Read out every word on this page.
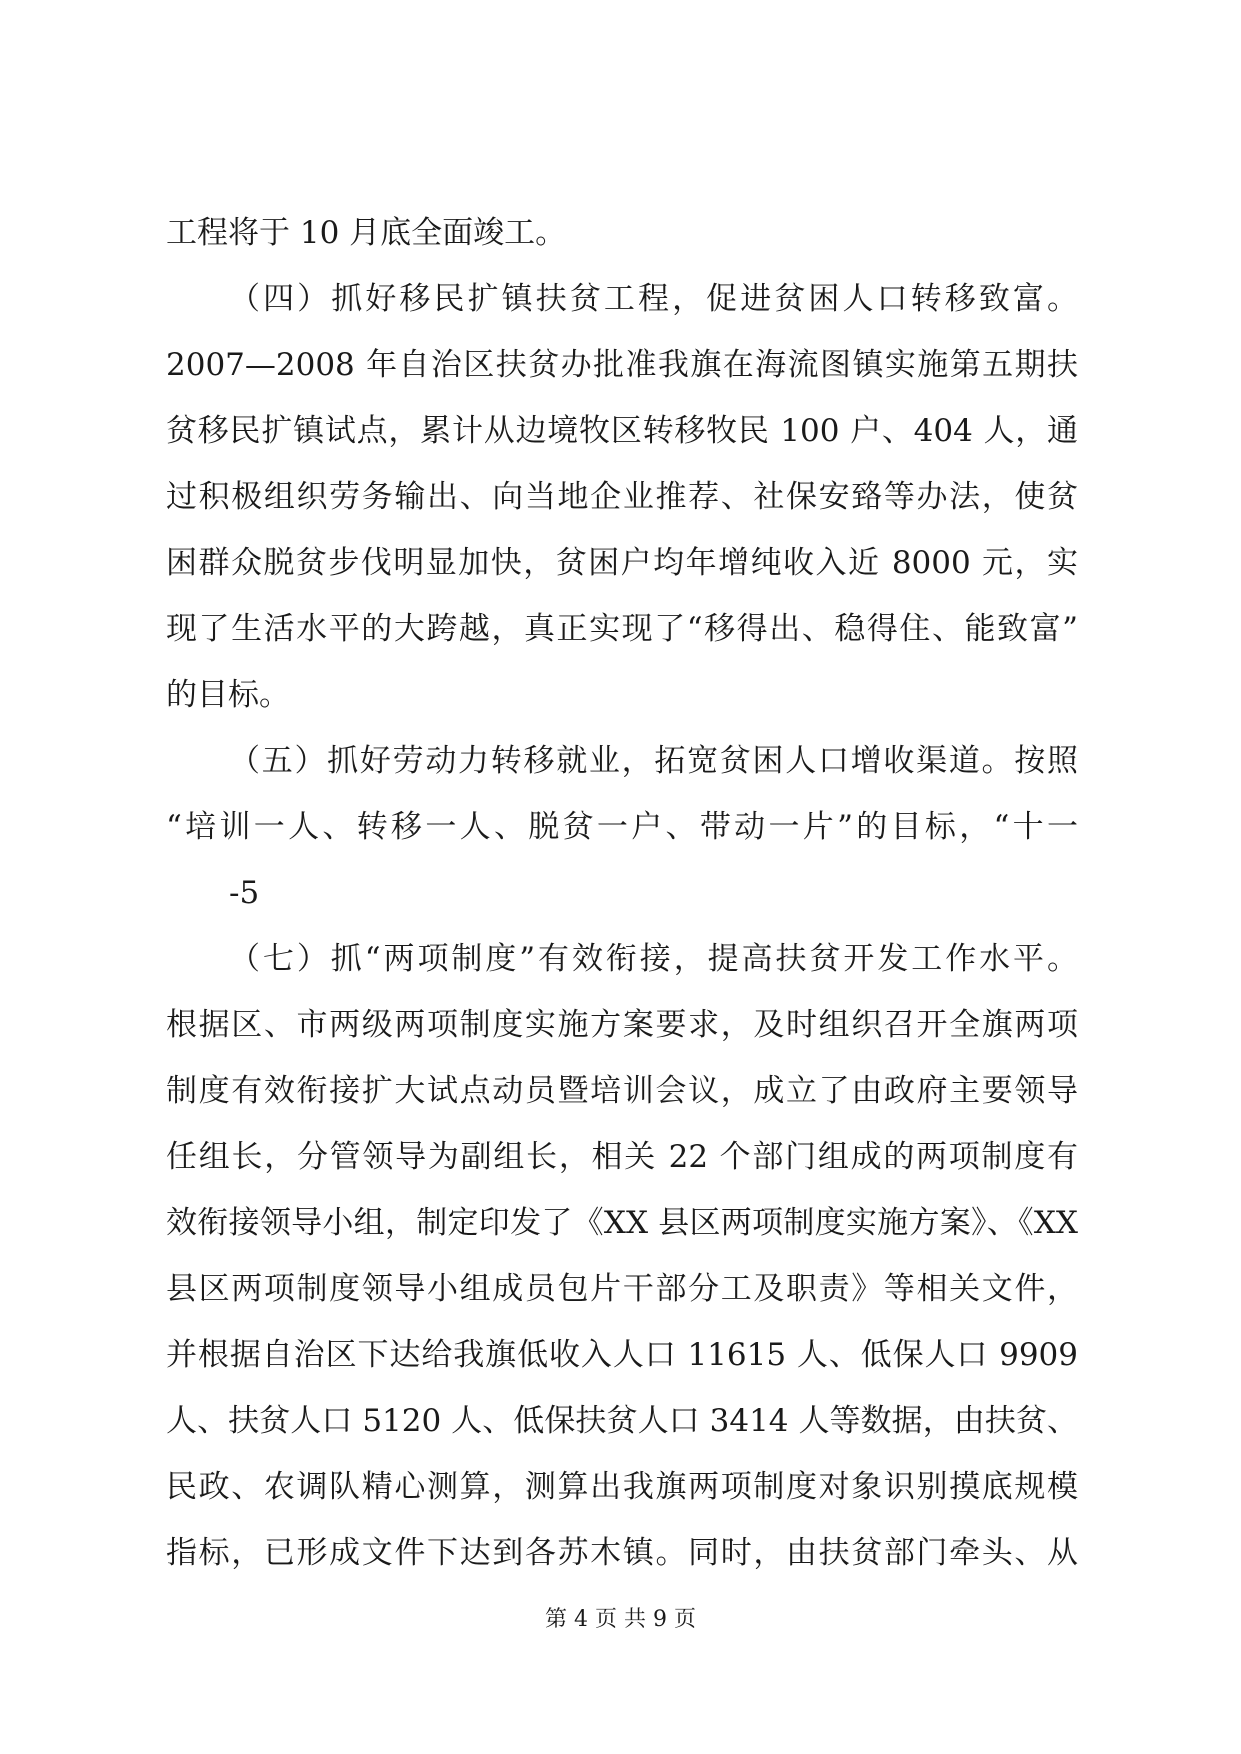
工程将于 10 月底全面竣工。
（四）抓好移民扩镇扶贫工程，促进贫困人口转移致富。
2007—2008 年自治区扶贫办批准我旗在海流图镇实施第五期扶
贫移民扩镇试点，累计从边境牧区转移牧民 100 户、404 人，通
过积极组织劳务输出、向当地企业推荐、社保安臵等办法，使贫
困群众脱贫步伐明显加快，贫困户均年增纯收入近 8000 元，实
现了生活水平的大跨越，真正实现了“移得出、稳得住、能致富”
的目标。
（五）抓好劳动力转移就业，拓宽贫困人口增收渠道。按照
“培训一人、转移一人、脱贫一户、带动一片”的目标，“十一
-5
（七）抓“两项制度”有效衔接，提高扶贫开发工作水平。
根据区、市两级两项制度实施方案要求，及时组织召开全旗两项
制度有效衔接扩大试点动员暨培训会议，成立了由政府主要领导
任组长，分管领导为副组长，相关 22 个部门组成的两项制度有
效衔接领导小组，制定印发了《XX 县区两项制度实施方案》、《XX
县区两项制度领导小组成员包片干部分工及职责》等相关文件，
并根据自治区下达给我旗低收入人口 11615 人、低保人口 9909
人、扶贫人口 5120 人、低保扶贫人口 3414 人等数据，由扶贫、
民政、农调队精心测算，测算出我旗两项制度对象识别摸底规模
指标，已形成文件下达到各苏木镇。同时，由扶贫部门牵头、从
第 4 页 共 9 页
